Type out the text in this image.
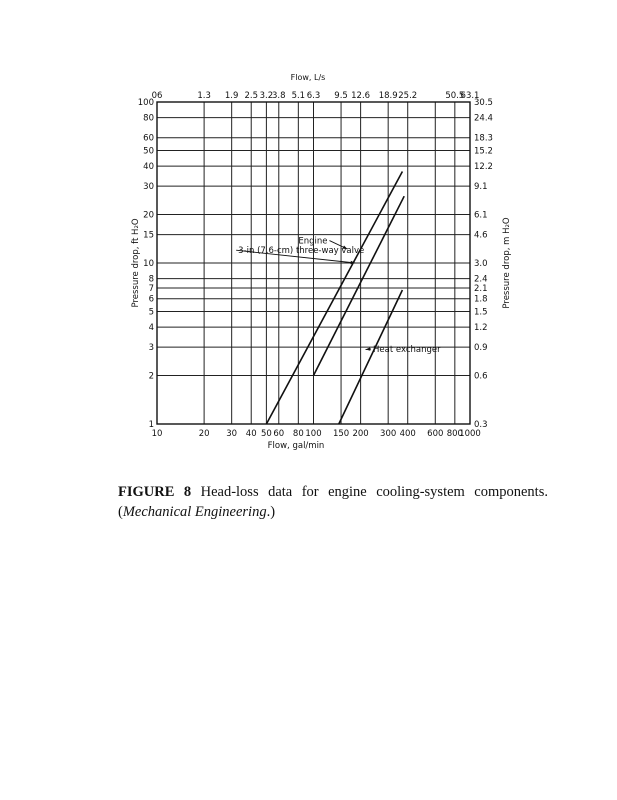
10	20 30 40 50 60 80 100 150 200 300 400 600 800
1000
06	1.3 1.9 2.5 3.2
3.8 5.1 6.3 9.5 12.6 18.9 25.2	50.5
63.1
1
2
3
4
5
6
7
8
10
15
20
30
40
50
60
80
100
0.3
0.6
0.9
1.2
1.5
1.8
2.1
2.4
3.0
4.6
6.1
9.1
12.2
15.2
18.3
24.4
30.5
Engine
3-in (7.6-cm) three-way valve
Heat exchanger
Flow, gal/min
Flow, L/s
Pressure drop, ft H₂O	Pressure drop, m H₂O
FIGURE 8 Head-loss data for engine cooling-system components. (Mechanical Engineering.)
